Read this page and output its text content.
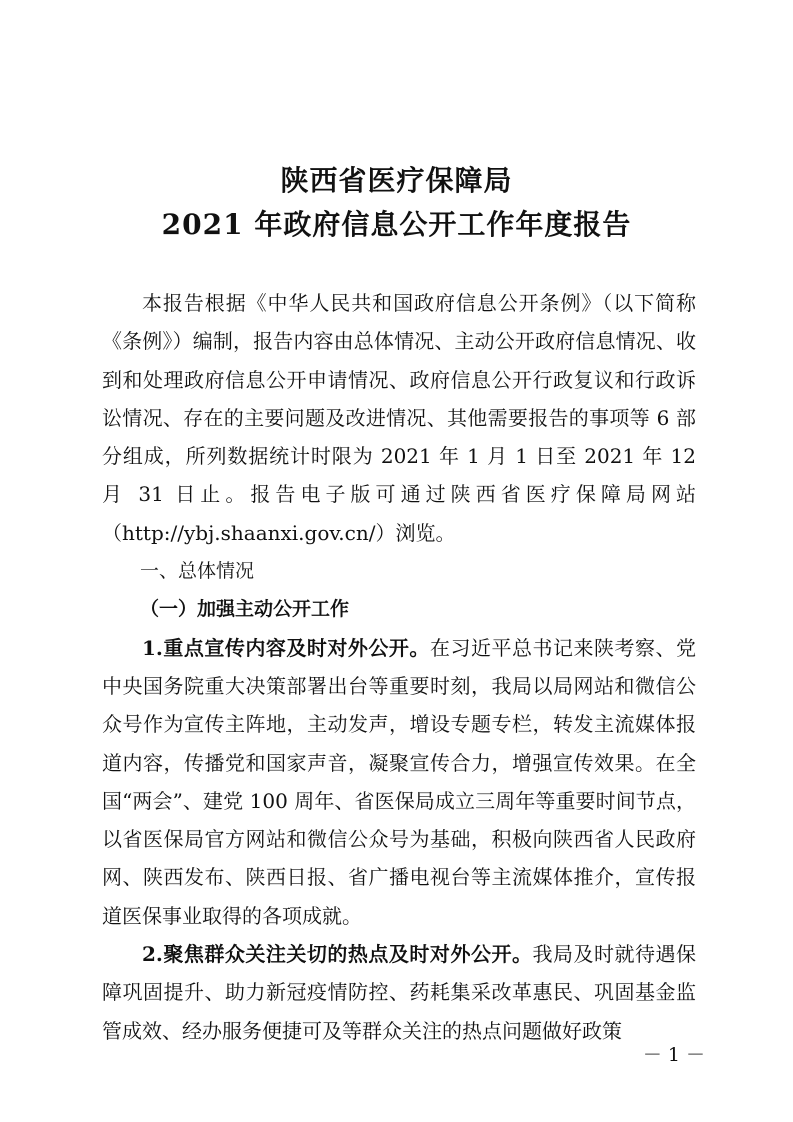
陕西省医疗保障局
2021 年政府信息公开工作年度报告

本报告根据《中华人民共和国政府信息公开条例》（以下简称《条例》）编制，报告内容由总体情况、主动公开政府信息情况、收到和处理政府信息公开申请情况、政府信息公开行政复议和行政诉讼情况、存在的主要问题及改进情况、其他需要报告的事项等 6 部分组成，所列数据统计时限为 2021 年 1 月 1 日至 2021 年 12 月 31 日止。报告电子版可通过陕西省医疗保障局网站（http://ybj.shaanxi.gov.cn/）浏览。

一、总体情况

（一）加强主动公开工作

1.重点宣传内容及时对外公开。在习近平总书记来陕考察、党中央国务院重大决策部署出台等重要时刻，我局以局网站和微信公众号作为宣传主阵地，主动发声，增设专题专栏，转发主流媒体报道内容，传播党和国家声音，凝聚宣传合力，增强宣传效果。在全国“两会”、建党 100 周年、省医保局成立三周年等重要时间节点，以省医保局官方网站和微信公众号为基础，积极向陕西省人民政府网、陕西发布、陕西日报、省广播电视台等主流媒体推介，宣传报道医保事业取得的各项成就。

2.聚焦群众关注关切的热点及时对外公开。我局及时就待遇保障巩固提升、助力新冠疫情防控、药耗集采改革惠民、巩固基金监管成效、经办服务便捷可及等群众关注的热点问题做好政策

－ 1 －
